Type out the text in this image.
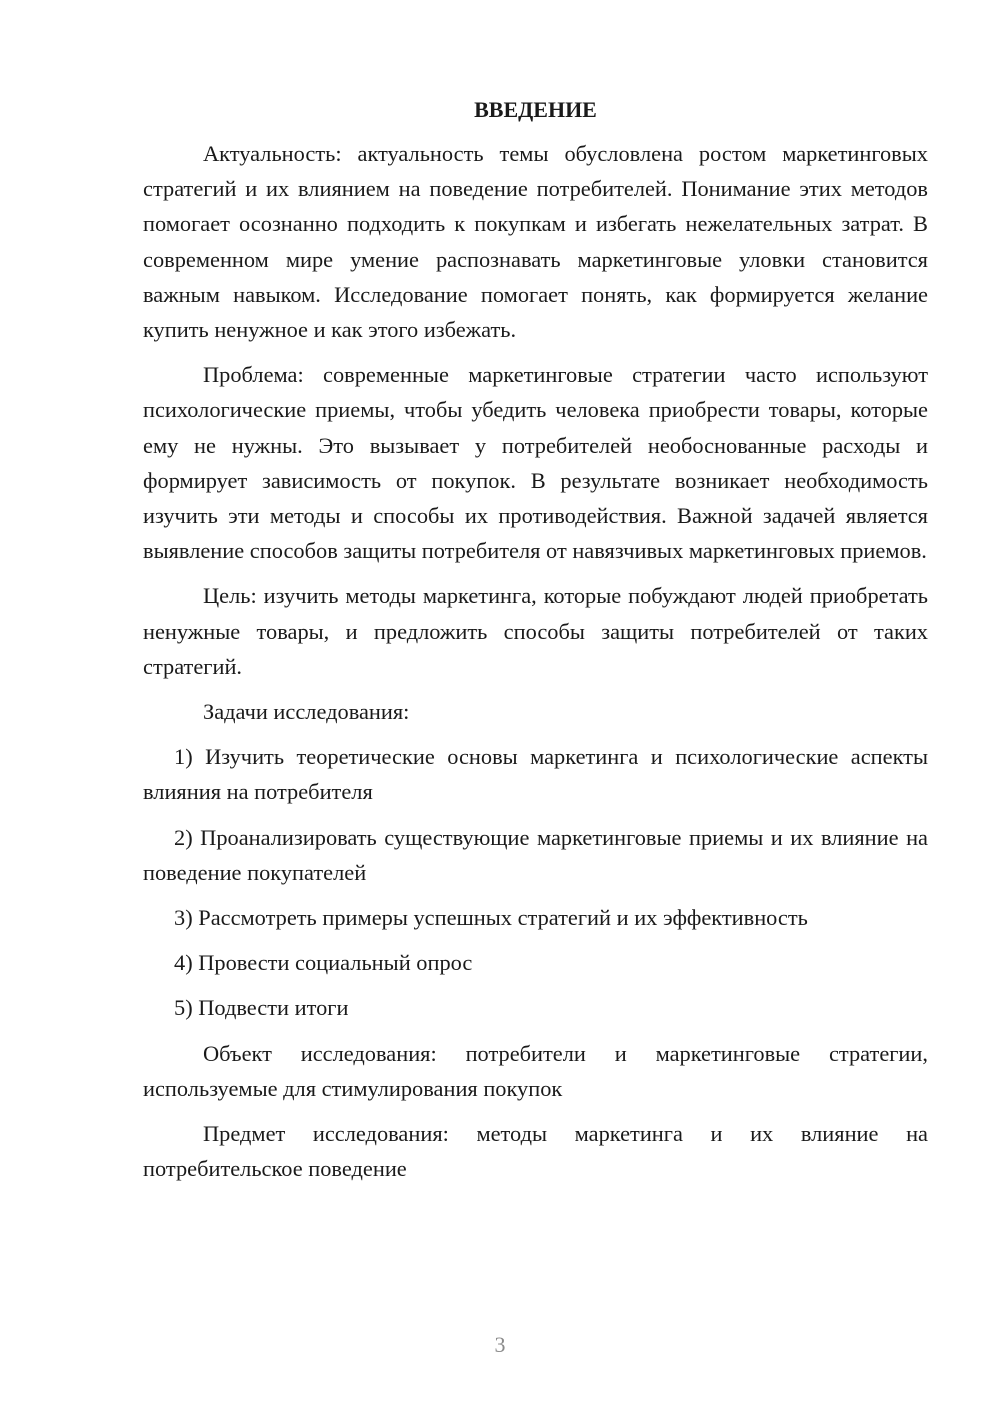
ВВЕДЕНИЕ

Актуальность: актуальность темы обусловлена ростом маркетинговых стратегий и их влиянием на поведение потребителей. Понимание этих методов помогает осознанно подходить к покупкам и избегать нежелательных затрат. В современном мире умение распознавать маркетинговые уловки становится важным навыком. Исследование помогает понять, как формируется желание купить ненужное и как этого избежать.

Проблема: современные маркетинговые стратегии часто используют психологические приемы, чтобы убедить человека приобрести товары, которые ему не нужны. Это вызывает у потребителей необоснованные расходы и формирует зависимость от покупок. В результате возникает необходимость изучить эти методы и способы их противодействия. Важной задачей является выявление способов защиты потребителя от навязчивых маркетинговых приемов.

Цель: изучить методы маркетинга, которые побуждают людей приобретать ненужные товары, и предложить способы защиты потребителей от таких стратегий.

Задачи исследования:

1) Изучить теоретические основы маркетинга и психологические аспекты влияния на потребителя
2) Проанализировать существующие маркетинговые приемы и их влияние на поведение покупателей
3) Рассмотреть примеры успешных стратегий и их эффективность
4) Провести социальный опрос
5) Подвести итоги

Объект исследования: потребители и маркетинговые стратегии, используемые для стимулирования покупок

Предмет исследования: методы маркетинга и их влияние на потребительское поведение

3
